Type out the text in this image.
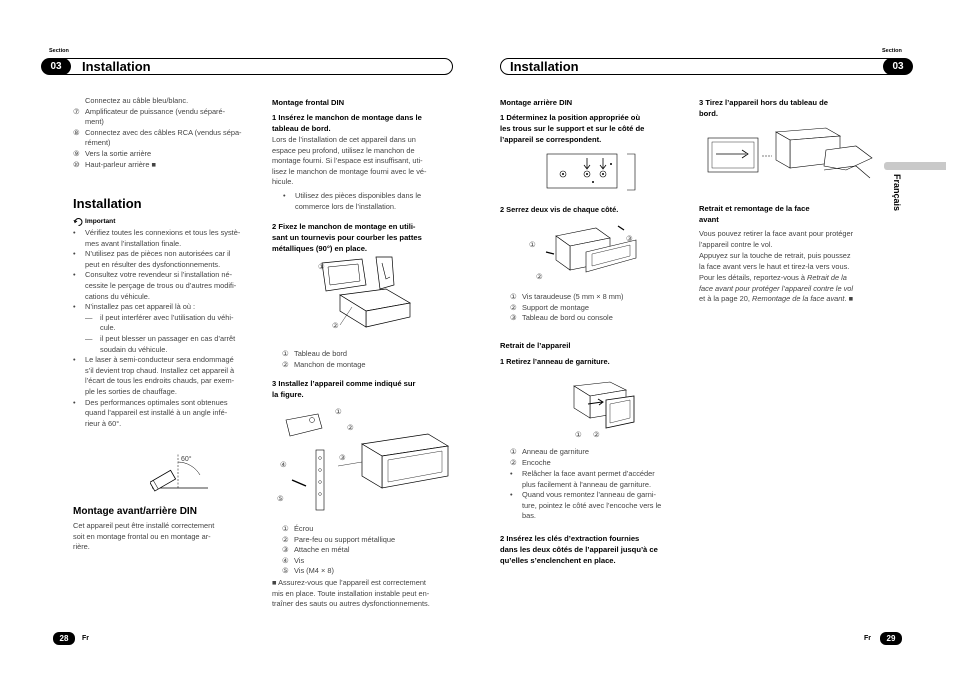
Section
03	Installation
Connectez au câble bleu/blanc.
⑦ Amplificateur de puissance (vendu séparé-
ment)
⑧ Connectez avec des câbles RCA (vendus sépa-
rément)
⑨ Vers la sortie arrière
⑩ Haut-parleur arrière ■
Installation
Important
•	Vérifiez toutes les connexions et tous les systè-
mes avant l’installation finale.
•	N’utilisez pas de pièces non autorisées car il
peut en résulter des dysfonctionnements.
•	Consultez votre revendeur si l’installation né-
cessite le perçage de trous ou d’autres modifi-
cations du véhicule.
•	N’installez pas cet appareil là où :
—	il peut interférer avec l’utilisation du véhi-
cule.
—	il peut blesser un passager en cas d’arrêt
soudain du véhicule.
•	Le laser à semi-conducteur sera endommagé
s’il devient trop chaud. Installez cet appareil à
l’écart de tous les endroits chauds, par exem-
ple les sorties de chauffage.
•	Des performances optimales sont obtenues
quand l’appareil est installé à un angle infé-
rieur à 60°.
60°
Montage avant/arrière DIN
Cet appareil peut être installé correctement
soit en montage frontal ou en montage ar-
rière.
Montage frontal DIN
1 Insérez le manchon de montage dans le
tableau de bord.
Lors de l’installation de cet appareil dans un
espace peu profond, utilisez le manchon de
montage fourni. Si l’espace est insuffisant, uti-
lisez le manchon de montage fourni avec le vé-
hicule.
•	Utilisez des pièces disponibles dans le
commerce lors de l’installation.
2 Fixez le manchon de montage en utili-
sant un tournevis pour courber les pattes
métalliques (90°) en place.
①
②
① Tableau de bord
② Manchon de montage
3 Installez l’appareil comme indiqué sur
la figure.
①
②
③
④
⑤
① Écrou
② Pare-feu ou support métallique
③ Attache en métal
④ Vis
⑤ Vis (M4 × 8)
■ Assurez-vous que l’appareil est correctement
mis en place. Toute installation instable peut en-
traîner des sauts ou autres dysfonctionnements.
28	Fr
Section
03
Installation
Français
Montage arrière DIN
1 Déterminez la position appropriée où
les trous sur le support et sur le côté de
l’appareil se correspondent.
2 Serrez deux vis de chaque côté.
①
②
③
① Vis taraudeuse (5 mm × 8 mm)
② Support de montage
③ Tableau de bord ou console
Retrait de l’appareil
1 Retirez l’anneau de garniture.
① ②
① Anneau de garniture
② Encoche
•	Relâcher la face avant permet d’accéder
plus facilement à l’anneau de garniture.
•	Quand vous remontez l’anneau de garni-
ture, pointez le côté avec l’encoche vers le
bas.
2 Insérez les clés d’extraction fournies
dans les deux côtés de l’appareil jusqu’à ce
qu’elles s’enclenchent en place.
3 Tirez l’appareil hors du tableau de
bord.
Retrait et remontage de la face
avant
Vous pouvez retirer la face avant pour protéger
l’appareil contre le vol.
Appuyez sur la touche de retrait, puis poussez
la face avant vers le haut et tirez-la vers vous.
Pour les détails, reportez-vous à Retrait de la
face avant pour protéger l’appareil contre le vol
et à la page 20, Remontage de la face avant. ■
29
Fr
